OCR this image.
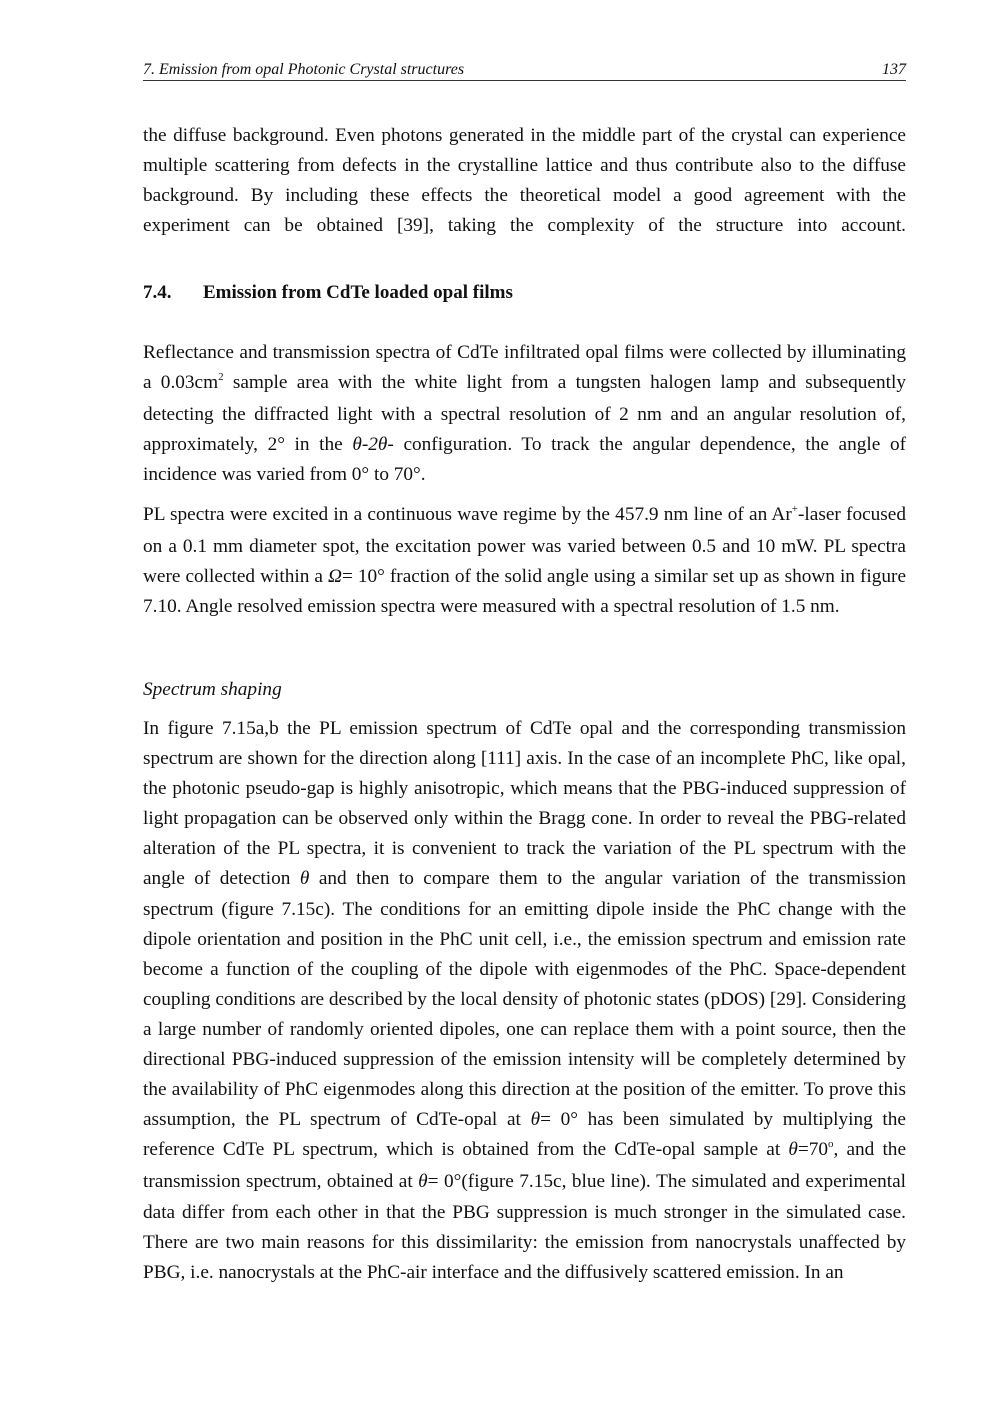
7. Emission from opal Photonic Crystal structures	137

the diffuse background. Even photons generated in the middle part of the crystal can experience multiple scattering from defects in the crystalline lattice and thus contribute also to the diffuse background. By including these effects the theoretical model a good agreement with the experiment can be obtained [39], taking the complexity of the structure into account.

7.4. Emission from CdTe loaded opal films

Reflectance and transmission spectra of CdTe infiltrated opal films were collected by illuminating a $0.03cm^2$ sample area with the white light from a tungsten halogen lamp and subsequently detecting the diffracted light with a spectral resolution of 2 nm and an angular resolution of, approximately, 2° in the θ-2θ- configuration. To track the angular dependence, the angle of incidence was varied from 0° to 70°.

PL spectra were excited in a continuous wave regime by the 457.9 nm line of an Ar+-laser focused on a 0.1 mm diameter spot, the excitation power was varied between 0.5 and 10 mW. PL spectra were collected within a Ω= 10° fraction of the solid angle using a similar set up as shown in figure 7.10. Angle resolved emission spectra were measured with a spectral resolution of 1.5 nm.

Spectrum shaping

In figure 7.15a,b the PL emission spectrum of CdTe opal and the corresponding transmission spectrum are shown for the direction along [111] axis. In the case of an incomplete PhC, like opal, the photonic pseudo-gap is highly anisotropic, which means that the PBG-induced suppression of light propagation can be observed only within the Bragg cone. In order to reveal the PBG-related alteration of the PL spectra, it is convenient to track the variation of the PL spectrum with the angle of detection θ and then to compare them to the angular variation of the transmission spectrum (figure 7.15c). The conditions for an emitting dipole inside the PhC change with the dipole orientation and position in the PhC unit cell, i.e., the emission spectrum and emission rate become a function of the coupling of the dipole with eigenmodes of the PhC. Space-dependent coupling conditions are described by the local density of photonic states (pDOS) [29]. Considering a large number of randomly oriented dipoles, one can replace them with a point source, then the directional PBG-induced suppression of the emission intensity will be completely determined by the availability of PhC eigenmodes along this direction at the position of the emitter. To prove this assumption, the PL spectrum of CdTe-opal at θ= 0° has been simulated by multiplying the reference CdTe PL spectrum, which is obtained from the CdTe-opal sample at $\theta=70^o$, and the transmission spectrum, obtained at θ= 0°(figure 7.15c, blue line). The simulated and experimental data differ from each other in that the PBG suppression is much stronger in the simulated case. There are two main reasons for this dissimilarity: the emission from nanocrystals unaffected by PBG, i.e. nanocrystals at the PhC-air interface and the diffusively scattered emission. In an
